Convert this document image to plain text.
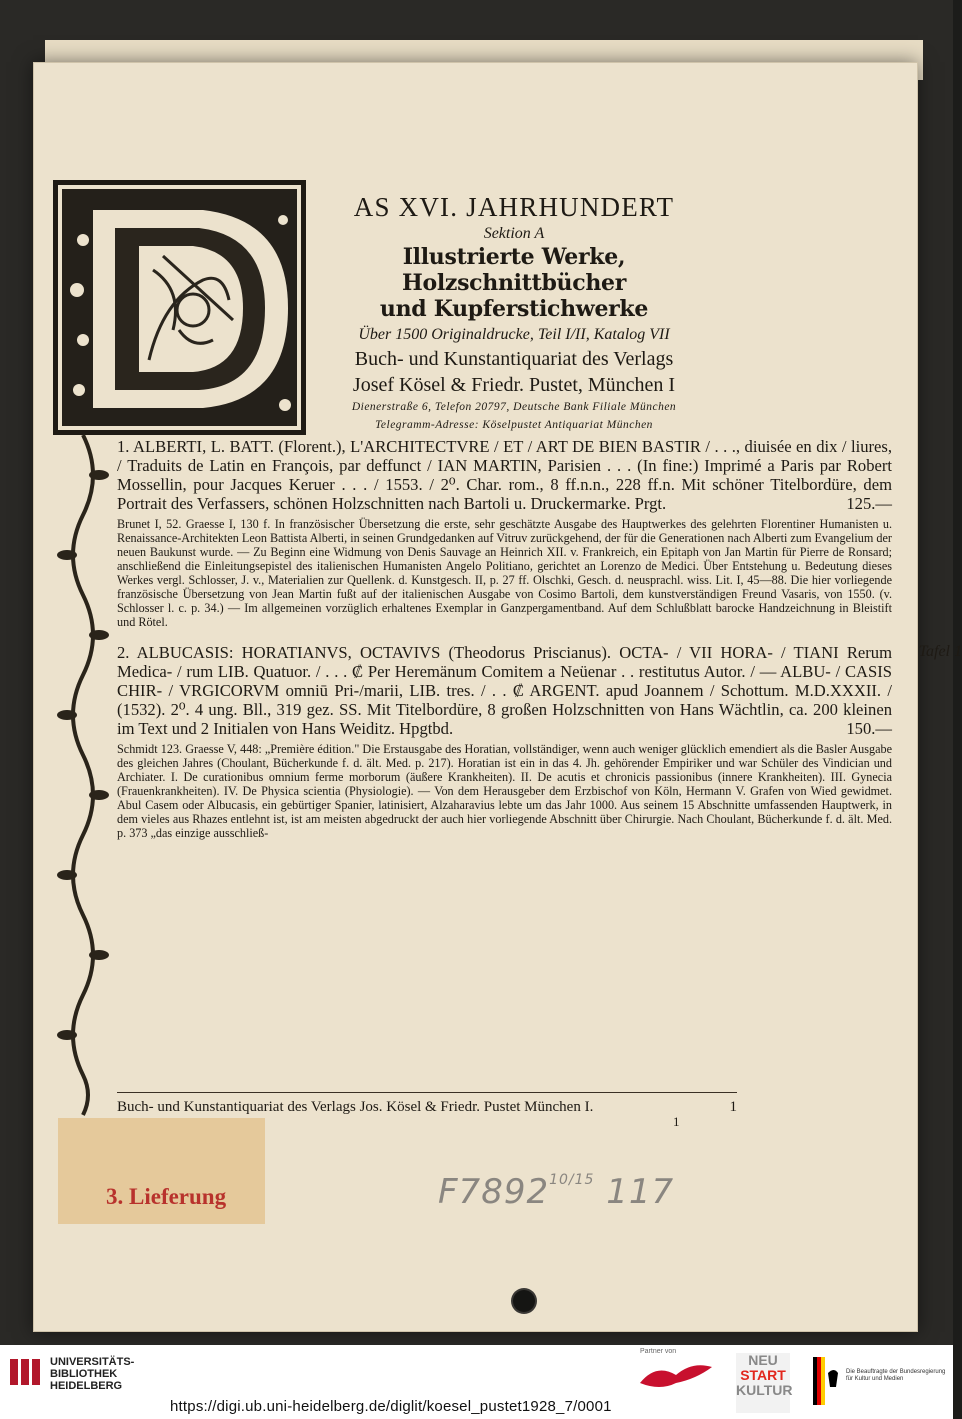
AS XVI. JAHRHUNDERT
Sektion A
Illustrierte Werke, Holzschnittbücher
und Kupferstichwerke
Über 1500 Originaldrucke, Teil I/II, Katalog VII
Buch- und Kunstantiquariat des Verlags
Josef Kösel & Friedr. Pustet, München I
Dienerstraße 6, Telefon 20797, Deutsche Bank Filiale München
Telegramm-Adresse: Köselpustet Antiquariat München
1. ALBERTI, L. BATT. (Florent.), L'ARCHITECTVRE / ET / ART DE BIEN BASTIR / . . ., diuisée en dix / liures, / Traduits de Latin en François, par deffunct / IAN MARTIN, Parisien . . . (In fine:) Imprimé a Paris par Robert Mossellin, pour Jacques Keruer . . . / 1553. / 2⁰. Char. rom., 8 ff.n.n., 228 ff.n. Mit schöner Titelbordüre, dem Portrait des Verfassers, schönen Holzschnitten nach Bartoli u. Druckermarke. Prgt.	125.—
Brunet I, 52. Graesse I, 130 f. In französischer Übersetzung die erste, sehr geschätzte Ausgabe des Hauptwerkes des gelehrten Florentiner Humanisten u. Renaissance-Architekten Leon Battista Alberti, in seinen Grundgedanken auf Vitruv zurückgehend, der für die Generationen nach Alberti zum Evangelium der neuen Baukunst wurde. — Zu Beginn eine Widmung von Denis Sauvage an Heinrich XII. v. Frankreich, ein Epitaph von Jan Martin für Pierre de Ronsard; anschließend die Einleitungsepistel des italienischen Humanisten Angelo Politiano, gerichtet an Lorenzo de Medici. Über Entstehung u. Bedeutung dieses Werkes vergl. Schlosser, J. v., Materialien zur Quellenk. d. Kunstgesch. II, p. 27 ff. Olschki, Gesch. d. neusprachl. wiss. Lit. I, 45—88. Die hier vorliegende französische Übersetzung von Jean Martin fußt auf der italienischen Ausgabe von Cosimo Bartoli, dem kunstverständigen Freund Vasaris, von 1550. (v. Schlosser l. c. p. 34.) — Im allgemeinen vorzüglich erhaltenes Exemplar in Ganzpergamentband. Auf dem Schlußblatt barocke Handzeichnung in Bleistift und Rötel.
Tafel 1
2. ALBUCASIS: HORATIANVS, OCTAVIVS (Theodorus Priscianus). OCTA- / VII HORA- / TIANI Rerum Medica- / rum LIB. Quatuor. / . . . ₡ Per Heremänum Comitem a Neüenar . . restitutus Autor. / — ALBU- / CASIS CHIR- / VRGICORVM omniū Pri-/marii, LIB. tres. / . . ₡ ARGENT. apud Joannem / Schottum. M.D.XXXII. / (1532). 2⁰. 4 ung. Bll., 319 gez. SS. Mit Titelbordüre, 8 großen Holzschnitten von Hans Wächtlin, ca. 200 kleinen im Text und 2 Initialen von Hans Weiditz. Hpgtbd.	150.—
Schmidt 123. Graesse V, 448: „Première édition." Die Erstausgabe des Horatian, vollständiger, wenn auch weniger glücklich emendiert als die Basler Ausgabe des gleichen Jahres (Choulant, Bücherkunde f. d. ält. Med. p. 217). Horatian ist ein in das 4. Jh. gehörender Empiriker und war Schüler des Vindician und Archiater. I. De curationibus omnium ferme morborum (äußere Krankheiten). II. De acutis et chronicis passionibus (innere Krankheiten). III. Gynecia (Frauenkrankheiten). IV. De Physica scientia (Physiologie). — Von dem Herausgeber dem Erzbischof von Köln, Hermann V. Grafen von Wied gewidmet. Abul Casem oder Albucasis, ein gebürtiger Spanier, latinisiert, Alzaharavius lebte um das Jahr 1000. Aus seinem 15 Abschnitte umfassenden Hauptwerk, in dem vieles aus Rhazes entlehnt ist, ist am meisten abgedruckt der auch hier vorliegende Abschnitt über Chirurgie. Nach Choulant, Bücherkunde f. d. ält. Med. p. 373 „das einzige ausschließ-
Buch- und Kunstantiquariat des Verlags Jos. Kösel & Friedr. Pustet München I.	1
1
3. Lieferung	$F7892^{10/15}$ 117
UNIVERSITÄTS-
BIBLIOTHEK
HEIDELBERG
Partner von
NEU
START
KULTUR
Die Beauftragte der Bundesregierung
für Kultur und Medien
https://digi.ub.uni-heidelberg.de/diglit/koesel_pustet1928_7/0001
